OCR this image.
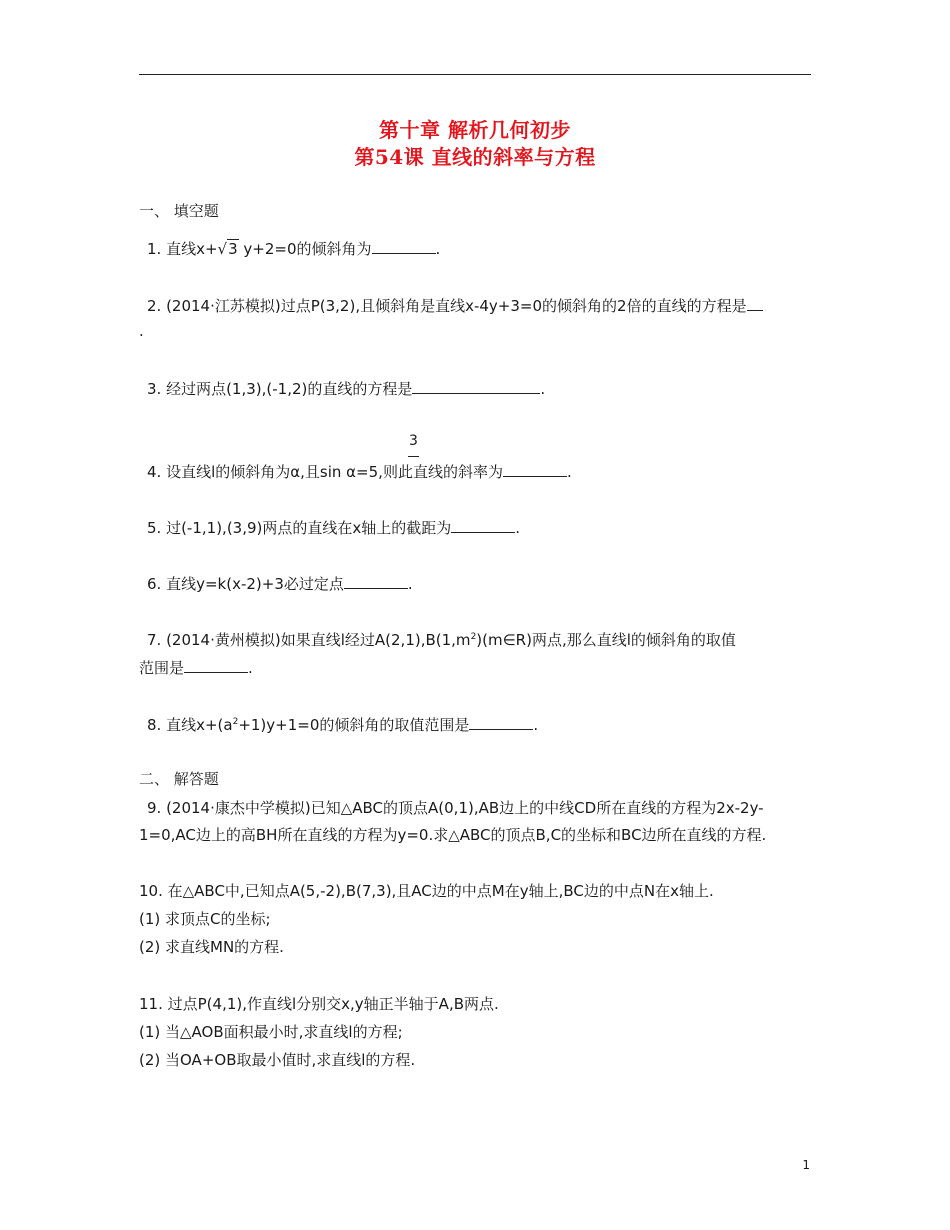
第十章 解析几何初步
第54课 直线的斜率与方程
一、 填空题
1. 直线x+√3 y+2=0的倾斜角为	.
2. (2014·江苏模拟)过点P(3,2),且倾斜角是直线x-4y+3=0的倾斜角的2倍的直线的方程是
.
3. 经过两点(1,3),(-1,2)的直线的方程是	.
3
4. 设直线l的倾斜角为α,且sin α=5,则此直线的斜率为	.
5. 过(-1,1),(3,9)两点的直线在x轴上的截距为	.
6. 直线y=k(x-2)+3必过定点	.
7. (2014·黄州模拟)如果直线l经过$A(2,1),B(1,m^2)(m\in R)$两点,那么直线l的倾斜角的取值
范围是	.
8. 直线$x+(a^2+1)y+1=0$的倾斜角的取值范围是	.
二、 解答题
9. (2014·康杰中学模拟)已知△ABC的顶点A(0,1),AB边上的中线CD所在直线的方程为2x-2y-
1=0,AC边上的高BH所在直线的方程为y=0.求△ABC的顶点B,C的坐标和BC边所在直线的方程.
10. 在△ABC中,已知点A(5,-2),B(7,3),且AC边的中点M在y轴上,BC边的中点N在x轴上.
(1) 求顶点C的坐标;
(2) 求直线MN的方程.
11. 过点P(4,1),作直线l分别交x,y轴正半轴于A,B两点.
(1) 当△AOB面积最小时,求直线l的方程;
(2) 当OA+OB取最小值时,求直线l的方程.
1
